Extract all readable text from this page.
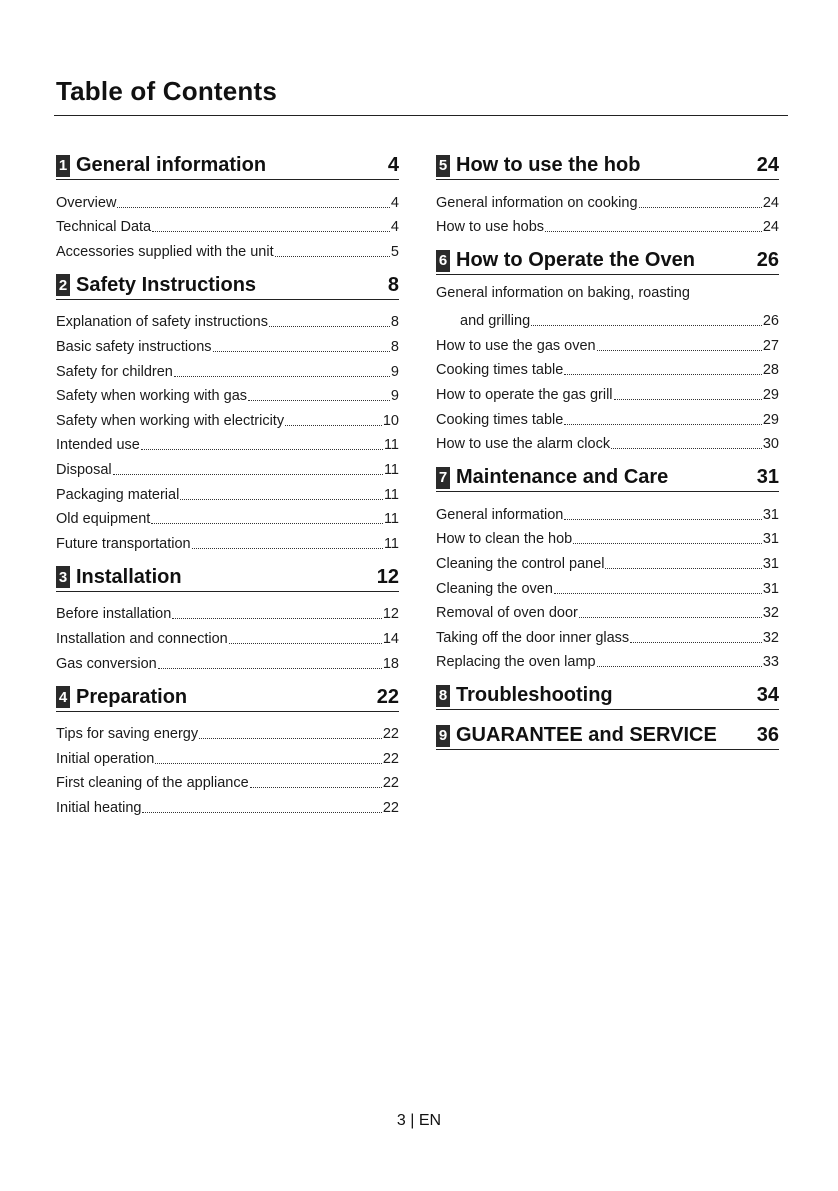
Table of Contents
1 General information	4
Overview	4
Technical Data	4
Accessories supplied with the unit	5
2 Safety Instructions	8
Explanation of safety instructions	8
Basic safety instructions	8
Safety for children	9
Safety when working with gas	9
Safety when working with electricity	10
Intended use	11
Disposal	11
Packaging material	11
Old equipment	11
Future transportation	11
3 Installation	12
Before installation	12
Installation and connection	14
Gas conversion	18
4 Preparation	22
Tips for saving energy	22
Initial operation	22
First cleaning of the appliance	22
Initial heating	22
5 How to use the hob	24
General information on cooking	24
How to use hobs	24
6 How to Operate the Oven	26
General information on baking, roasting
and grilling	26
How to use the gas oven	27
Cooking times table	28
How to operate the gas grill	29
Cooking times table	29
How to use the alarm clock	30
7 Maintenance and Care	31
General information	31
How to clean the hob	31
Cleaning the control panel	31
Cleaning the oven	31
Removal of oven door	32
Taking off the door inner glass	32
Replacing the oven lamp	33
8 Troubleshooting	34
9 GUARANTEE and SERVICE	36
3 | EN
